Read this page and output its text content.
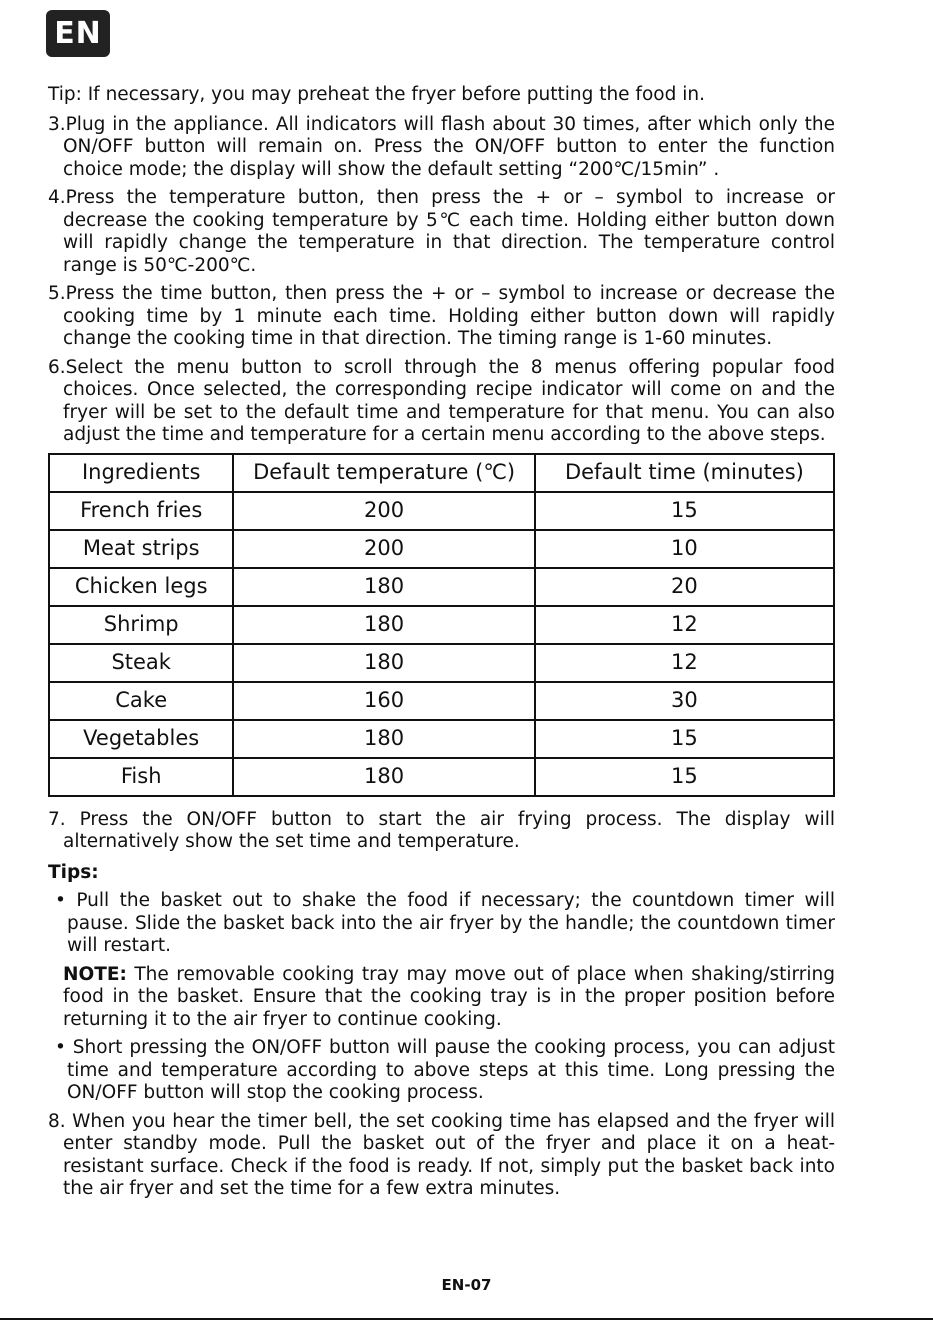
EN

Tip: If necessary, you may preheat the fryer before putting the food in.

3.Plug in the appliance. All indicators will flash about 30 times, after which only the ON/OFF button will remain on. Press the ON/OFF button to enter the function choice mode; the display will show the default setting “200℃/15min” .

4.Press the temperature button, then press the + or – symbol to increase or decrease the cooking temperature by 5℃ each time. Holding either button down will rapidly change the temperature in that direction. The temperature control range is 50℃-200℃.

5.Press the time button, then press the + or – symbol to increase or decrease the cooking time by 1 minute each time. Holding either button down will rapidly change the cooking time in that direction. The timing range is 1-60 minutes.

6.Select the menu button to scroll through the 8 menus offering popular food choices. Once selected, the corresponding recipe indicator will come on and the fryer will be set to the default time and temperature for that menu. You can also adjust the time and temperature for a certain menu according to the above steps.

Ingredients	Default temperature (℃)	Default time (minutes)
French fries	200	15
Meat strips	200	10
Chicken legs	180	20
Shrimp	180	12
Steak	180	12
Cake	160	30
Vegetables	180	15
Fish	180	15

7. Press the ON/OFF button to start the air frying process. The display will alternatively show the set time and temperature.

Tips:

• Pull the basket out to shake the food if necessary; the countdown timer will pause. Slide the basket back into the air fryer by the handle; the countdown timer will restart.

NOTE: The removable cooking tray may move out of place when shaking/stirring food in the basket. Ensure that the cooking tray is in the proper position before returning it to the air fryer to continue cooking.

• Short pressing the ON/OFF button will pause the cooking process, you can adjust time and temperature according to above steps at this time. Long pressing the ON/OFF button will stop the cooking process.

8. When you hear the timer bell, the set cooking time has elapsed and the fryer will enter standby mode. Pull the basket out of the fryer and place it on a heat-resistant surface. Check if the food is ready. If not, simply put the basket back into the air fryer and set the time for a few extra minutes.

EN-07
